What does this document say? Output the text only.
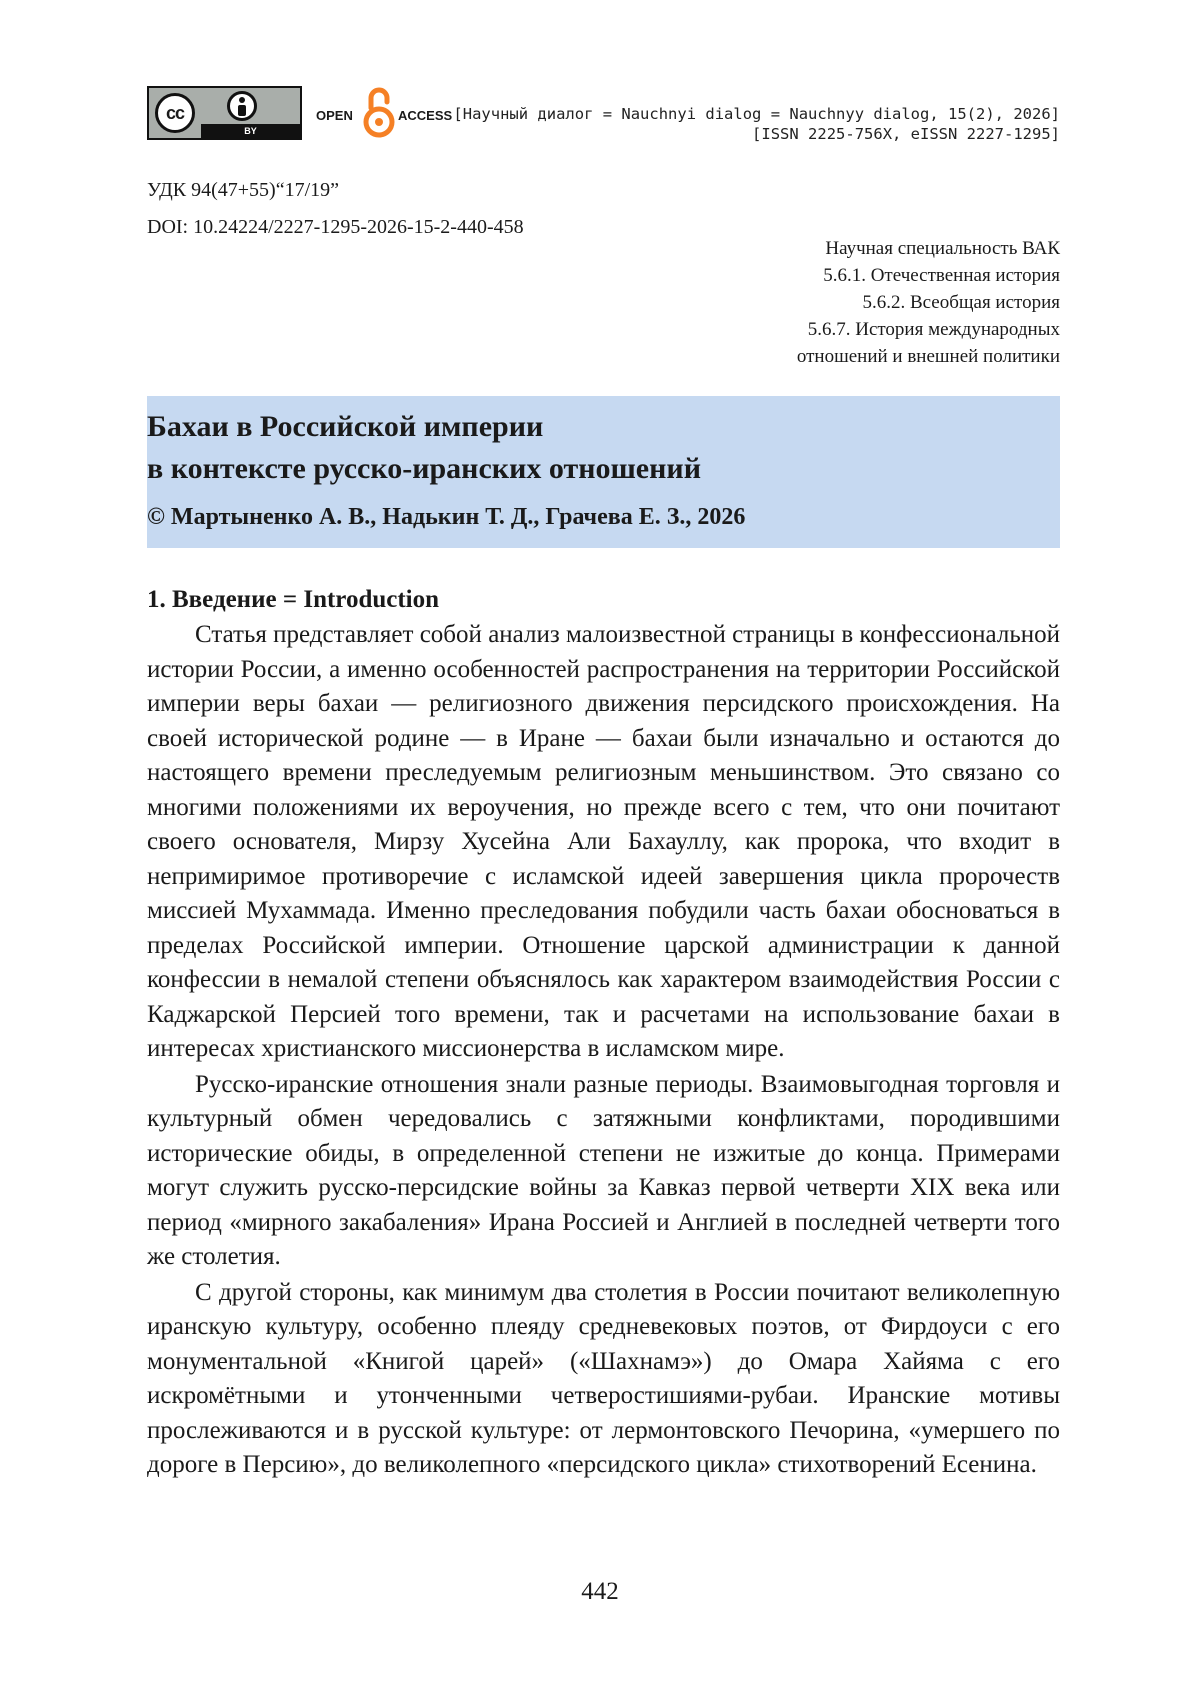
cc
BY
OPEN	ACCESS [Научный диалог = Nauchnyi dialog = Nauchnyy dialog, 15(2), 2026]
[ISSN 2225-756X, eISSN 2227-1295]
УДК 94(47+55)“17/19”
DOI: 10.24224/2227-1295-2026-15-2-440-458
Научная специальность ВАК
5.6.1. Отечественная история
5.6.2. Всеобщая история
5.6.7. История международных
отношений и внешней политики
Бахаи в Российской империи
в контексте русско-иранских отношений
© Мартыненко А. В., Надькин Т. Д., Грачева Е. З., 2026
1. Введение = Introduction

Статья представляет собой анализ малоизвестной страницы в конфессиональной истории России, а именно особенностей распространения на территории Российской империи веры бахаи — религиозного движения персидского происхождения. На своей исторической родине — в Иране — бахаи были изначально и остаются до настоящего времени преследуемым религиозным меньшинством. Это связано со многими положениями их вероучения, но прежде всего с тем, что они почитают своего основателя, Мирзу Хусейна Али Бахауллу, как пророка, что входит в непримиримое противоречие с исламской идеей завершения цикла пророчеств миссией Мухаммада. Именно преследования побудили часть бахаи обосноваться в пределах Российской империи. Отношение царской администрации к данной конфессии в немалой степени объяснялось как характером взаимодействия России с Каджарской Персией того времени, так и расчетами на использование бахаи в интересах христианского миссионерства в исламском мире.

Русско-иранские отношения знали разные периоды. Взаимовыгодная торговля и культурный обмен чередовались с затяжными конфликтами, породившими исторические обиды, в определенной степени не изжитые до конца. Примерами могут служить русско-персидские войны за Кавказ первой четверти XIX века или период «мирного закабаления» Ирана Россией и Англией в последней четверти того же столетия.

С другой стороны, как минимум два столетия в России почитают великолепную иранскую культуру, особенно плеяду средневековых поэтов, от Фирдоуси с его монументальной «Книгой царей» («Шахнамэ») до Омара Хайяма с его искромётными и утонченными четверостишиями-рубаи. Иранские мотивы прослеживаются и в русской культуре: от лермонтовского Печорина, «умершего по дороге в Персию», до великолепного «персидского цикла» стихотворений Есенина.

442
